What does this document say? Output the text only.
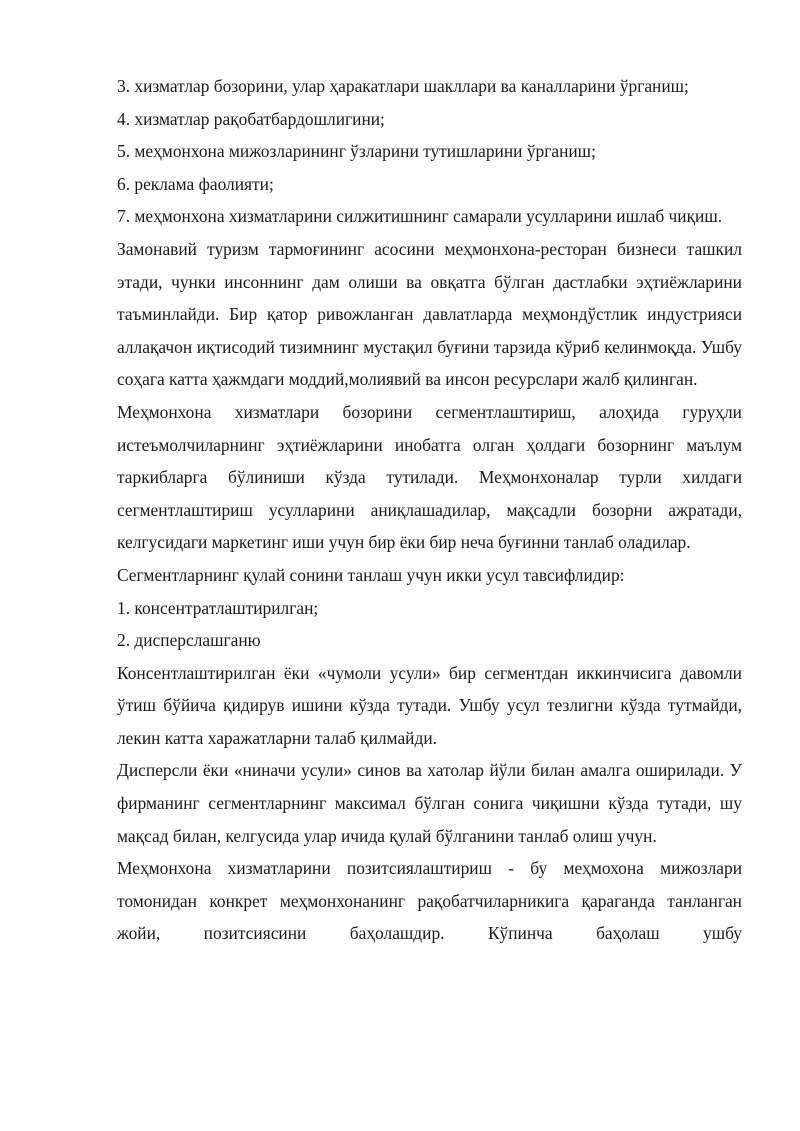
3. хизматлар бозорини, улар ҳаракатлари шакллари ва каналларини ўрганиш;

4. хизматлар рақобатбардошлигини;

5. меҳмонхона мижозларининг ўзларини тутишларини ўрганиш;

6. реклама фаолияти;

7. меҳмонхона хизматларини силжитишнинг самарали усулларини ишлаб чиқиш.

Замонавий туризм тармоғининг асосини меҳмонхона-ресторан бизнеси ташкил этади, чунки инсоннинг дам олиши ва овқатга бўлган дастлабки эҳтиёжларини таъминлайди. Бир қатор ривожланган давлатларда меҳмондўстлик индустрияси аллақачон иқтисодий тизимнинг мустақил буғини тарзида кўриб келинмоқда. Ушбу соҳага катта ҳажмдаги моддий,молиявий ва инсон ресурслари жалб қилинган.

Меҳмонхона хизматлари бозорини сегментлаштириш, алоҳида гуруҳли истеъмолчиларнинг эҳтиёжларини инобатга олган ҳолдаги бозорнинг маълум таркибларга бўлиниши кўзда тутилади. Меҳмонхоналар турли хилдаги сегментлаштириш усулларини аниқлашадилар, мақсадли бозорни ажратади, келгусидаги маркетинг иши учун бир ёки бир неча буғинни танлаб оладилар.

Сегментларнинг қулай сонини танлаш учун икки усул тавсифлидир:

1. консентратлаштирилган;

2. дисперслашганю

Консентлаштирилган ёки «чумоли усули» бир сегментдан иккинчисига давомли ўтиш бўйича қидирув ишини кўзда тутади. Ушбу усул тезлигни кўзда тутмайди, лекин катта харажатларни талаб қилмайди.

Дисперсли ёки «ниначи усули» синов ва хатолар йўли билан амалга оширилади. У фирманинг сегментларнинг максимал бўлган сонига чиқишни кўзда тутади, шу мақсад билан, келгусида улар ичида қулай бўлганини танлаб олиш учун.

Меҳмонхона хизматларини позитсиялаштириш - бу меҳмохона мижозлари томонидан конкрет меҳмонхонанинг рақобатчиларникига қараганда танланган жойи, позитсиясини баҳолашдир. Кўпинча баҳолаш ушбу
